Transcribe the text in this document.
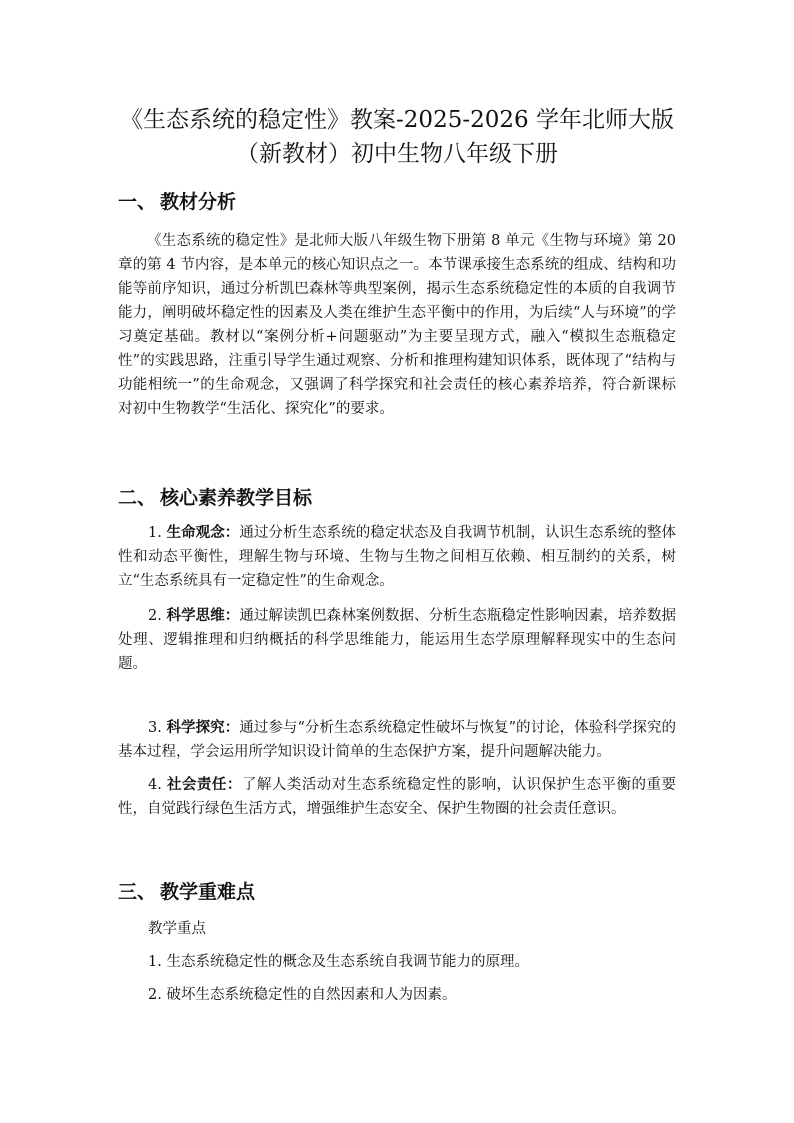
《生态系统的稳定性》教案-2025-2026 学年北师大版
（新教材）初中生物八年级下册
一、 教材分析

《生态系统的稳定性》是北师大版八年级生物下册第 8 单元《生物与环境》第 20 章的第 4 节内容，是本单元的核心知识点之一。本节课承接生态系统的组成、结构和功能等前序知识，通过分析凯巴森林等典型案例，揭示生态系统稳定性的本质的自我调节能力，阐明破坏稳定性的因素及人类在维护生态平衡中的作用，为后续“人与环境”的学习奠定基础。教材以“案例分析+问题驱动”为主要呈现方式，融入“模拟生态瓶稳定性”的实践思路，注重引导学生通过观察、分析和推理构建知识体系，既体现了“结构与功能相统一”的生命观念，又强调了科学探究和社会责任的核心素养培养，符合新课标对初中生物教学“生活化、探究化”的要求。

二、 核心素养教学目标

1. 生命观念：通过分析生态系统的稳定状态及自我调节机制，认识生态系统的整体性和动态平衡性，理解生物与环境、生物与生物之间相互依赖、相互制约的关系，树立“生态系统具有一定稳定性”的生命观念。

2. 科学思维：通过解读凯巴森林案例数据、分析生态瓶稳定性影响因素，培养数据处理、逻辑推理和归纳概括的科学思维能力，能运用生态学原理解释现实中的生态问题。

3. 科学探究：通过参与“分析生态系统稳定性破坏与恢复”的讨论，体验科学探究的基本过程，学会运用所学知识设计简单的生态保护方案，提升问题解决能力。

4. 社会责任：了解人类活动对生态系统稳定性的影响，认识保护生态平衡的重要性，自觉践行绿色生活方式，增强维护生态安全、保护生物圈的社会责任意识。

三、 教学重难点

教学重点

1. 生态系统稳定性的概念及生态系统自我调节能力的原理。

2. 破坏生态系统稳定性的自然因素和人为因素。
